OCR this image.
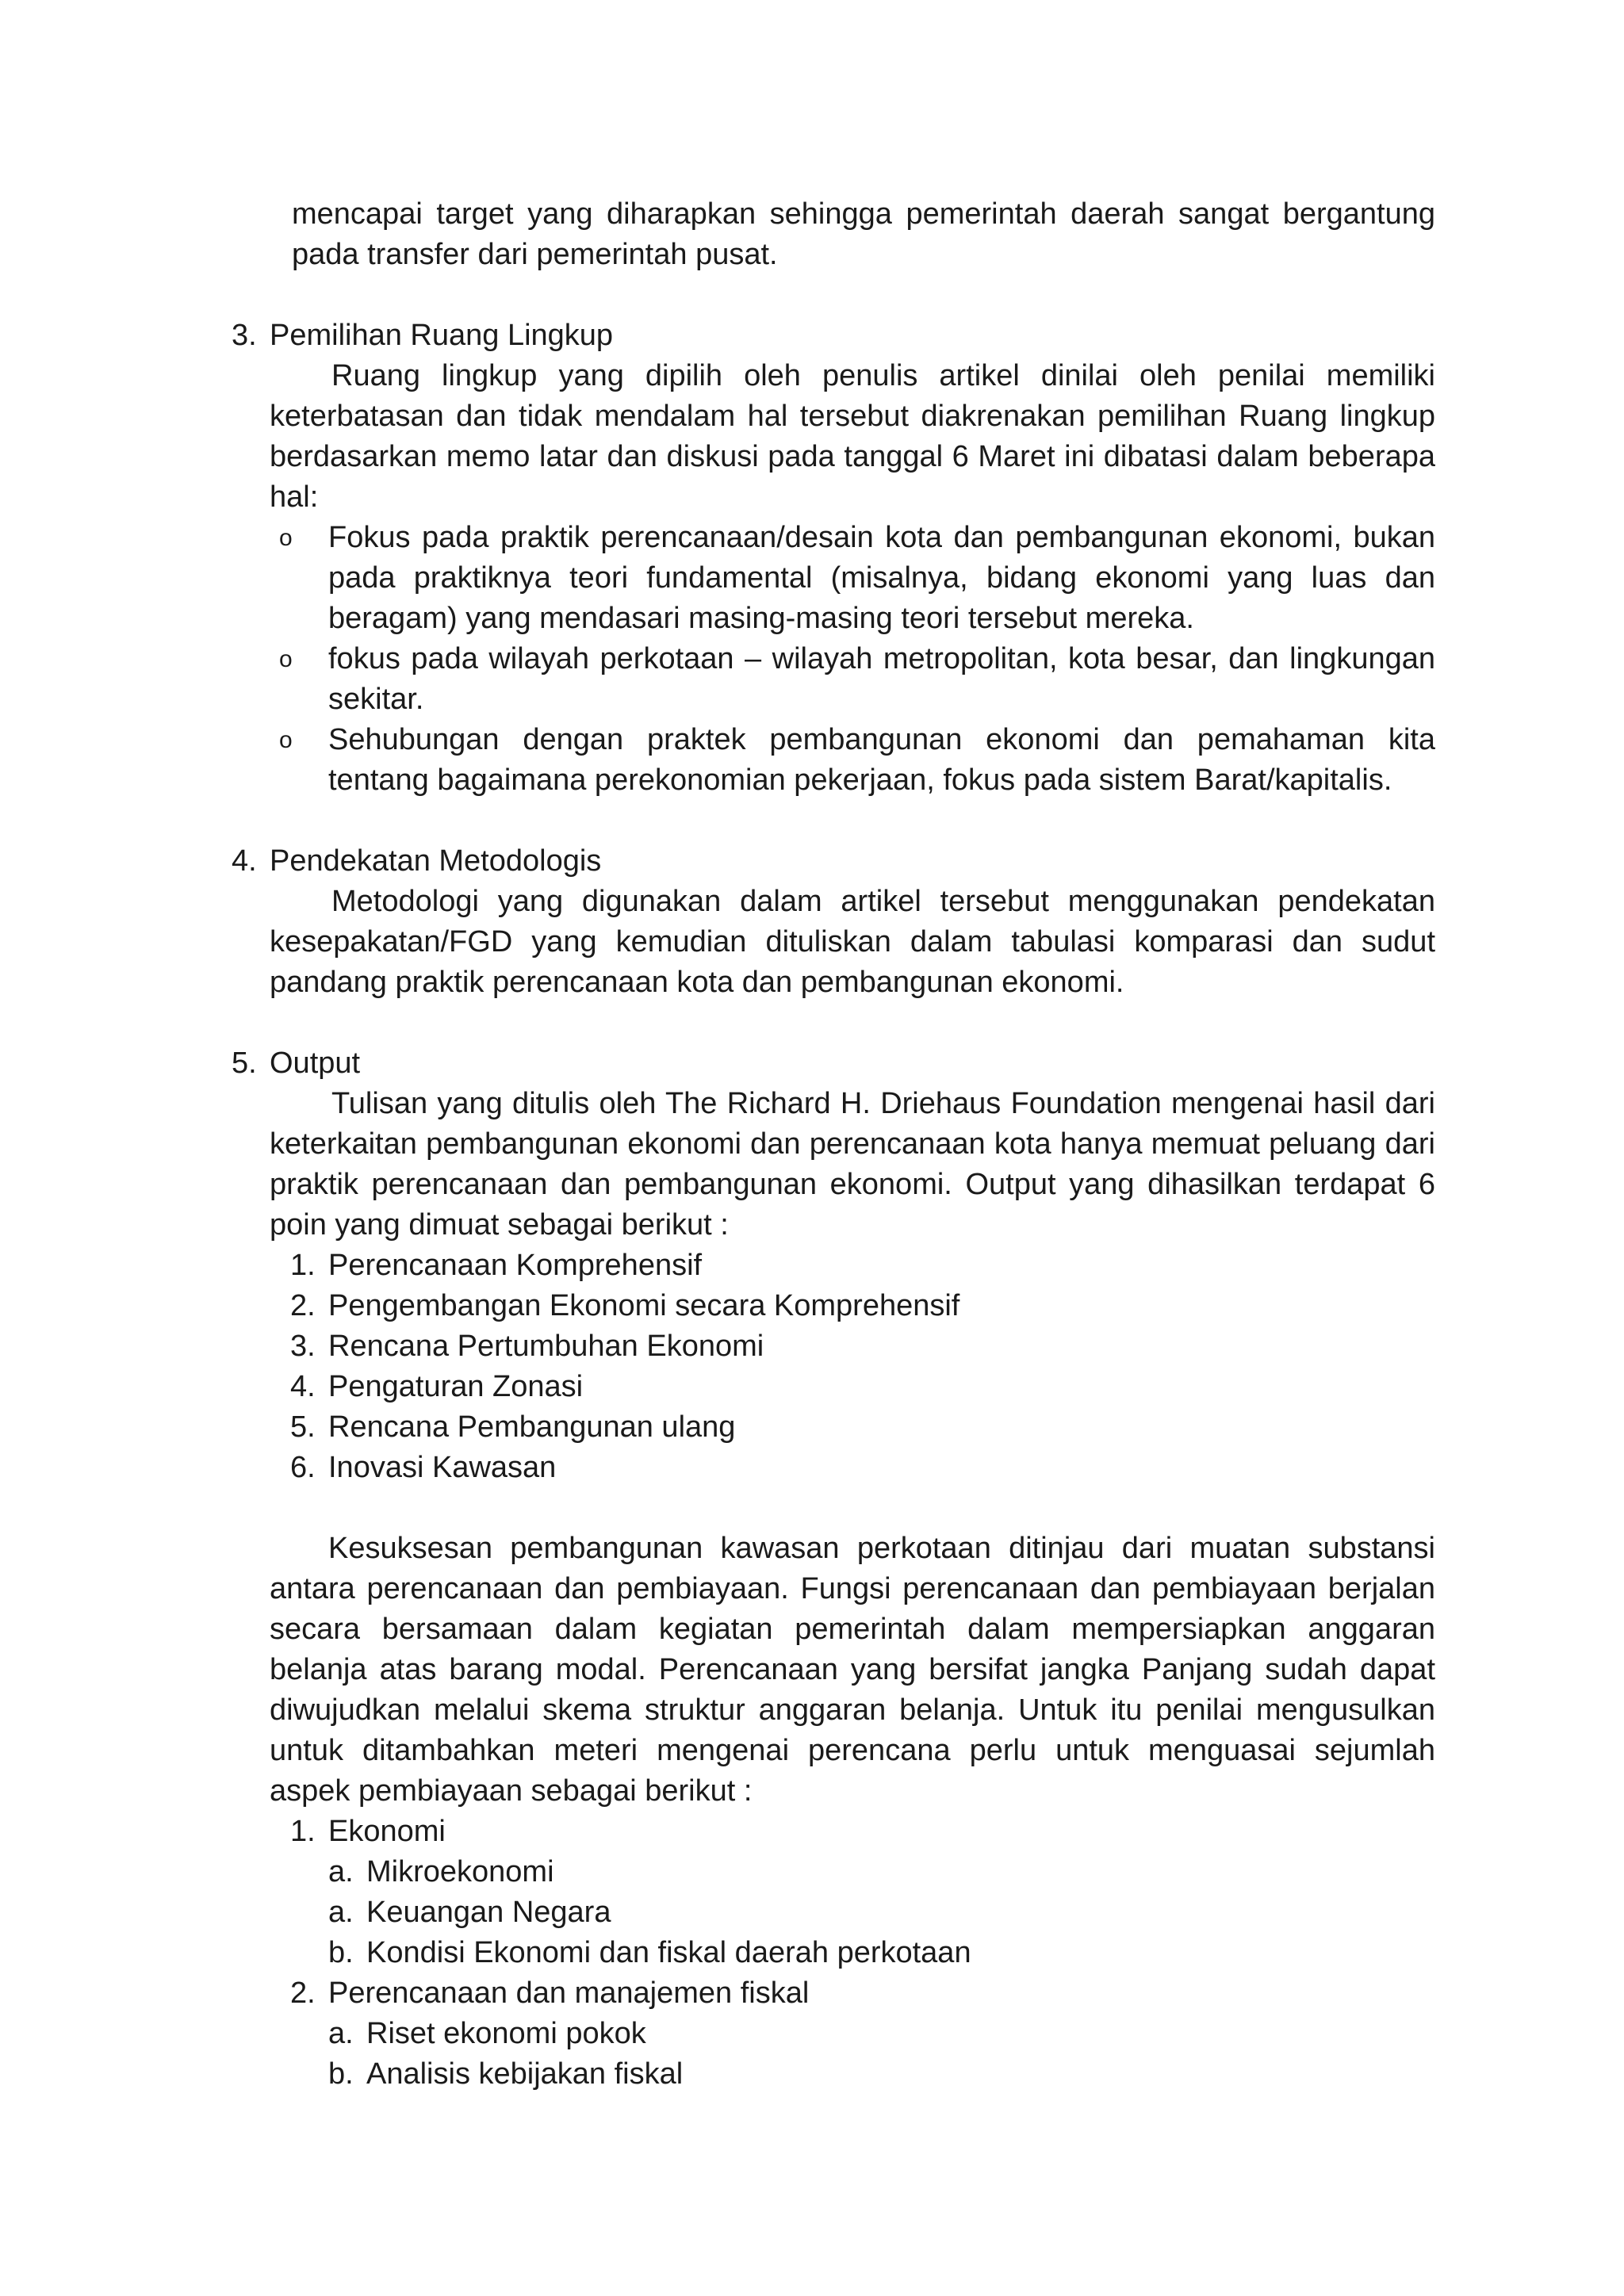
mencapai target yang diharapkan sehingga pemerintah daerah sangat bergantung pada transfer dari pemerintah pusat.

3. Pemilihan Ruang Lingkup

Ruang lingkup yang dipilih oleh penulis artikel dinilai oleh penilai memiliki keterbatasan dan tidak mendalam hal tersebut diakrenakan pemilihan Ruang lingkup berdasarkan memo latar dan diskusi pada tanggal 6 Maret ini dibatasi dalam beberapa hal:

o Fokus pada praktik perencanaan/desain kota dan pembangunan ekonomi, bukan pada praktiknya teori fundamental (misalnya, bidang ekonomi yang luas dan beragam) yang mendasari masing-masing teori tersebut mereka.
o fokus pada wilayah perkotaan – wilayah metropolitan, kota besar, dan lingkungan sekitar.
o Sehubungan dengan praktek pembangunan ekonomi dan pemahaman kita tentang bagaimana perekonomian pekerjaan, fokus pada sistem Barat/kapitalis.
4. Pendekatan Metodologis

Metodologi yang digunakan dalam artikel tersebut menggunakan pendekatan kesepakatan/FGD yang kemudian dituliskan dalam tabulasi komparasi dan sudut pandang praktik perencanaan kota dan pembangunan ekonomi.

5. Output

Tulisan yang ditulis oleh The Richard H. Driehaus Foundation mengenai hasil dari keterkaitan pembangunan ekonomi dan perencanaan kota hanya memuat peluang dari praktik perencanaan dan pembangunan ekonomi. Output yang dihasilkan terdapat 6 poin yang dimuat sebagai berikut :

1. Perencanaan Komprehensif
2. Pengembangan Ekonomi secara Komprehensif
3. Rencana Pertumbuhan Ekonomi
4. Pengaturan Zonasi
5. Rencana Pembangunan ulang
6. Inovasi Kawasan

Kesuksesan pembangunan kawasan perkotaan ditinjau dari muatan substansi antara perencanaan dan pembiayaan. Fungsi perencanaan dan pembiayaan berjalan secara bersamaan dalam kegiatan pemerintah dalam mempersiapkan anggaran belanja atas barang modal. Perencanaan yang bersifat jangka Panjang sudah dapat diwujudkan melalui skema struktur anggaran belanja. Untuk itu penilai mengusulkan untuk ditambahkan meteri mengenai perencana perlu untuk menguasai sejumlah aspek pembiayaan sebagai berikut :

1. Ekonomi
a. Mikroekonomi
a. Keuangan Negara
b. Kondisi Ekonomi dan fiskal daerah perkotaan
2. Perencanaan dan manajemen fiskal
a. Riset ekonomi pokok
b. Analisis kebijakan fiskal
